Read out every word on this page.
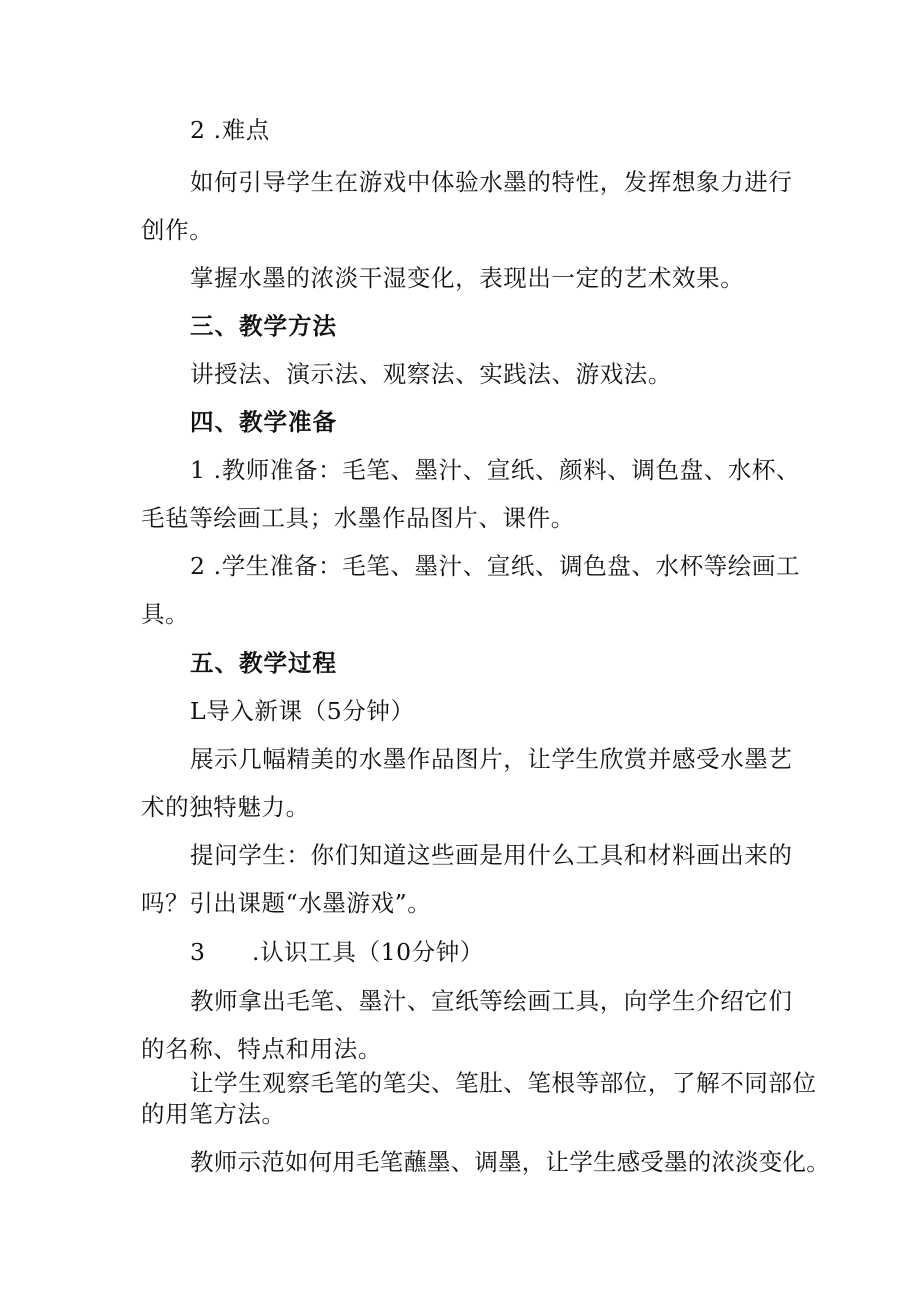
2 .难点
如何引导学生在游戏中体验水墨的特性，发挥想象力进行
创作。
掌握水墨的浓淡干湿变化，表现出一定的艺术效果。
三、教学方法
讲授法、演示法、观察法、实践法、游戏法。
四、教学准备
1 .教师准备：毛笔、墨汁、宣纸、颜料、调色盘、水杯、
毛毡等绘画工具；水墨作品图片、课件。
2 .学生准备：毛笔、墨汁、宣纸、调色盘、水杯等绘画工
具。
五、教学过程
L导入新课（5分钟）
展示几幅精美的水墨作品图片，让学生欣赏并感受水墨艺
术的独特魅力。
提问学生：你们知道这些画是用什么工具和材料画出来的
吗？引出课题“水墨游戏”。
3 .认识工具（10分钟）
教师拿出毛笔、墨汁、宣纸等绘画工具，向学生介绍它们
的名称、特点和用法。
让学生观察毛笔的笔尖、笔肚、笔根等部位，了解不同部位
的用笔方法。
教师示范如何用毛笔蘸墨、调墨，让学生感受墨的浓淡变化。
